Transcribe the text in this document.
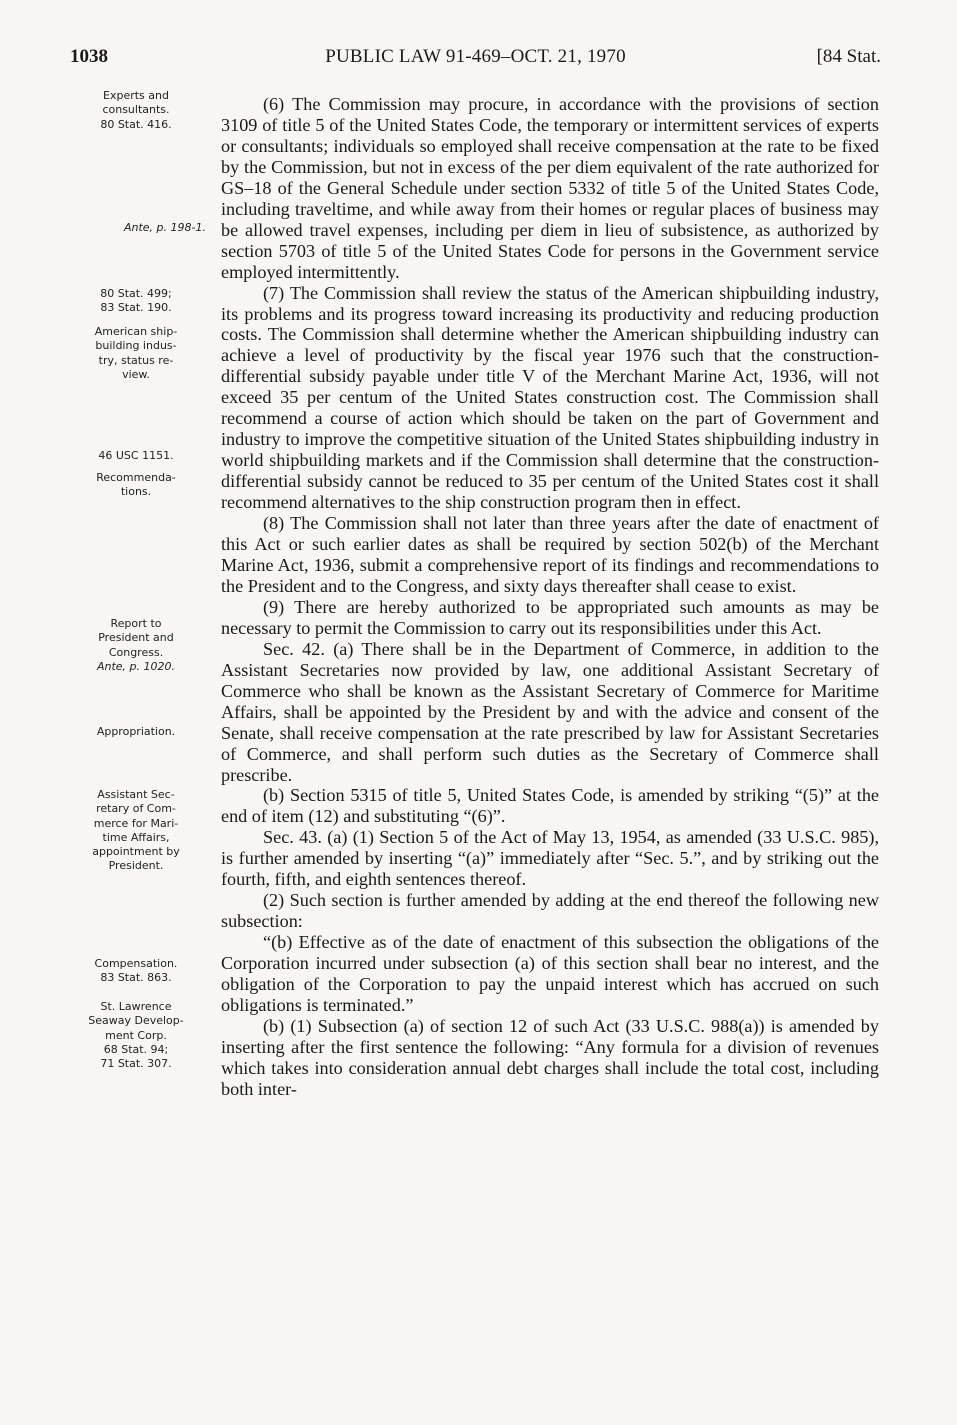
1038	PUBLIC LAW 91-469–OCT. 21, 1970	[84 Stat.
Experts and
consultants.
80 Stat. 416.
Ante, p. 198-1.
80 Stat. 499;
83 Stat. 190.
American ship-
building indus-
try, status re-
view.
46 USC 1151.
Recommenda-
tions.
Report to
President and
Congress.
Ante, p. 1020.
Appropriation.
Assistant Sec-
retary of Com-
merce for Mari-
time Affairs,
appointment by
President.
Compensation.
83 Stat. 863.
St. Lawrence
Seaway Develop-
ment Corp.
68 Stat. 94;
71 Stat. 307.

(6) The Commission may procure, in accordance with the provisions of section 3109 of title 5 of the United States Code, the temporary or intermittent services of experts or consultants; individuals so employed shall receive compensation at the rate to be fixed by the Commission, but not in excess of the per diem equivalent of the rate authorized for GS–18 of the General Schedule under section 5332 of title 5 of the United States Code, including traveltime, and while away from their homes or regular places of business may be allowed travel expenses, including per diem in lieu of subsistence, as authorized by section 5703 of title 5 of the United States Code for persons in the Government service employed intermittently.

(7) The Commission shall review the status of the American shipbuilding industry, its problems and its progress toward increasing its productivity and reducing production costs. The Commission shall determine whether the American shipbuilding industry can achieve a level of productivity by the fiscal year 1976 such that the construction-differential subsidy payable under title V of the Merchant Marine Act, 1936, will not exceed 35 per centum of the United States construction cost. The Commission shall recommend a course of action which should be taken on the part of Government and industry to improve the competitive situation of the United States shipbuilding industry in world shipbuilding markets and if the Commission shall determine that the construction-differential subsidy cannot be reduced to 35 per centum of the United States cost it shall recommend alternatives to the ship construction program then in effect.

(8) The Commission shall not later than three years after the date of enactment of this Act or such earlier dates as shall be required by section 502(b) of the Merchant Marine Act, 1936, submit a comprehensive report of its findings and recommendations to the President and to the Congress, and sixty days thereafter shall cease to exist.

(9) There are hereby authorized to be appropriated such amounts as may be necessary to permit the Commission to carry out its responsibilities under this Act.

Sec. 42. (a) There shall be in the Department of Commerce, in addition to the Assistant Secretaries now provided by law, one additional Assistant Secretary of Commerce who shall be known as the Assistant Secretary of Commerce for Maritime Affairs, shall be appointed by the President by and with the advice and consent of the Senate, shall receive compensation at the rate prescribed by law for Assistant Secretaries of Commerce, and shall perform such duties as the Secretary of Commerce shall prescribe.

(b) Section 5315 of title 5, United States Code, is amended by striking “(5)” at the end of item (12) and substituting “(6)”.

Sec. 43. (a) (1) Section 5 of the Act of May 13, 1954, as amended (33 U.S.C. 985), is further amended by inserting “(a)” immediately after “Sec. 5.”, and by striking out the fourth, fifth, and eighth sentences thereof.

(2) Such section is further amended by adding at the end thereof the following new subsection:

“(b) Effective as of the date of enactment of this subsection the obligations of the Corporation incurred under subsection (a) of this section shall bear no interest, and the obligation of the Corporation to pay the unpaid interest which has accrued on such obligations is terminated.”

(b) (1) Subsection (a) of section 12 of such Act (33 U.S.C. 988(a)) is amended by inserting after the first sentence the following: “Any formula for a division of revenues which takes into consideration annual debt charges shall include the total cost, including both inter-
